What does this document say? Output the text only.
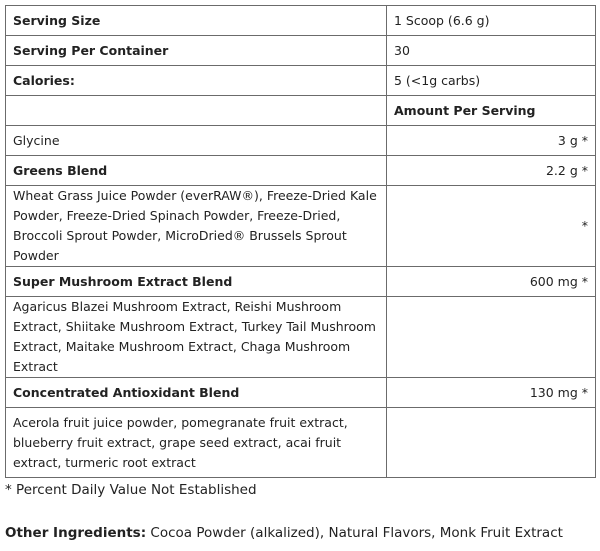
Serving Size	1 Scoop (6.6 g)
Serving Per Container	30
Calories:	5 (<1g carbs)
	Amount Per Serving
Glycine	3 g *
Greens Blend	2.2 g *
Wheat Grass Juice Powder (everRAW®), Freeze-Dried Kale Powder, Freeze-Dried Spinach Powder, Freeze-Dried, Broccoli Sprout Powder, MicroDried® Brussels Sprout Powder	*
Super Mushroom Extract Blend	600 mg *
Agaricus Blazei Mushroom Extract, Reishi Mushroom Extract, Shiitake Mushroom Extract, Turkey Tail Mushroom Extract, Maitake Mushroom Extract, Chaga Mushroom Extract	
Concentrated Antioxidant Blend	130 mg *
Acerola fruit juice powder, pomegranate fruit extract, blueberry fruit extract, grape seed extract, acai fruit extract, turmeric root extract	
* Percent Daily Value Not Established
Other Ingredients: Cocoa Powder (alkalized), Natural Flavors, Monk Fruit Extract
